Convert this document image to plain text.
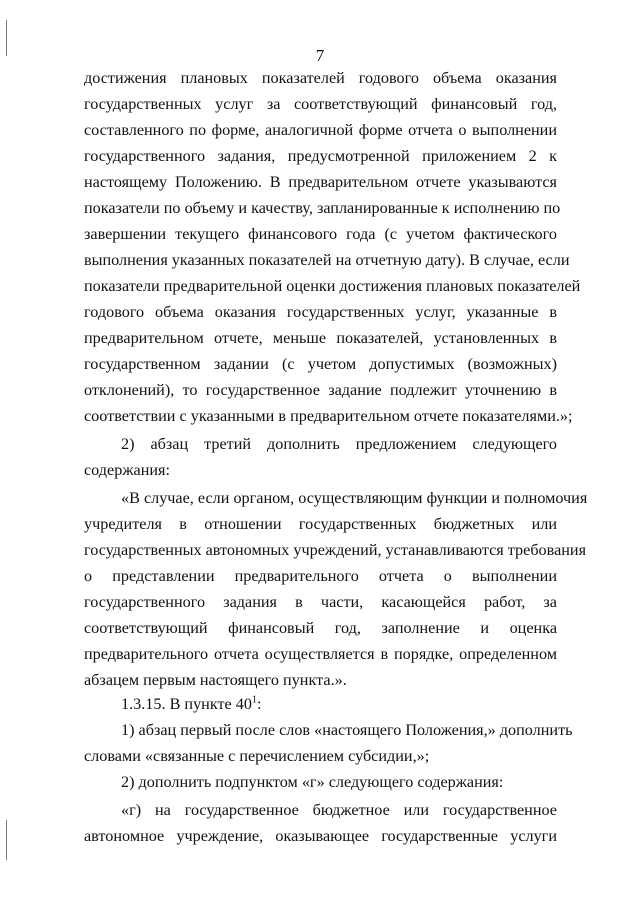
7
достижения плановых показателей годового объема оказания
государственных услуг за соответствующий финансовый год,
составленного по форме, аналогичной форме отчета о выполнении
государственного задания, предусмотренной приложением 2 к
настоящему Положению. В предварительном отчете указываются
показатели по объему и качеству, запланированные к исполнению по
завершении текущего финансового года (с учетом фактического
выполнения указанных показателей на отчетную дату). В случае, если
показатели предварительной оценки достижения плановых показателей
годового объема оказания государственных услуг, указанные в
предварительном отчете, меньше показателей, установленных в
государственном задании (с учетом допустимых (возможных)
отклонений), то государственное задание подлежит уточнению в
соответствии с указанными в предварительном отчете показателями.»;
2) абзац третий дополнить предложением следующего
содержания:
«В случае, если органом, осуществляющим функции и полномочия
учредителя в отношении государственных бюджетных или
государственных автономных учреждений, устанавливаются требования
о представлении предварительного отчета о выполнении
государственного задания в части, касающейся работ, за
соответствующий финансовый год, заполнение и оценка
предварительного отчета осуществляется в порядке, определенном
абзацем первым настоящего пункта.».
1.3.15. В пункте $40^1$:
1) абзац первый после слов «настоящего Положения,» дополнить
словами «связанные с перечислением субсидии,»;
2) дополнить подпунктом «г» следующего содержания:
«г) на государственное бюджетное или государственное
автономное учреждение, оказывающее государственные услуги
